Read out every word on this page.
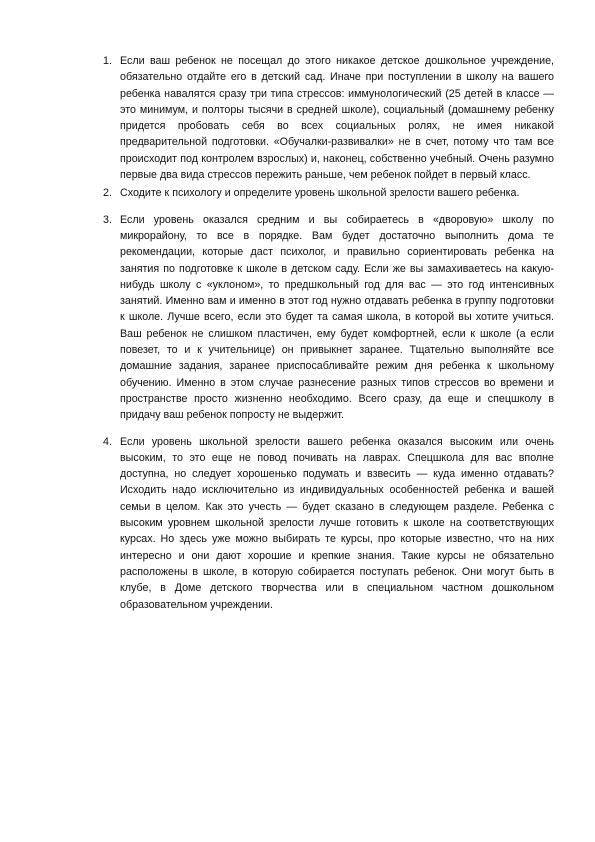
1. Если ваш ребенок не посещал до этого никакое детское дошкольное учреждение, обязательно отдайте его в детский сад. Иначе при поступлении в школу на вашего ребенка навалятся сразу три типа стрессов: иммунологический (25 детей в классе — это минимум, и полторы тысячи в средней школе), социальный (домашнему ребенку придется пробовать себя во всех социальных ролях, не имея никакой предварительной подготовки. «Обучалки-развивалки» не в счет, потому что там все происходит под контролем взрослых) и, наконец, собственно учебный. Очень разумно первые два вида стрессов пережить раньше, чем ребенок пойдет в первый класс.
2. Сходите к психологу и определите уровень школьной зрелости вашего ребенка.
3. Если уровень оказался средним и вы собираетесь в «дворовую» школу по микрорайону, то все в порядке. Вам будет достаточно выполнить дома те рекомендации, которые даст психолог, и правильно сориентировать ребенка на занятия по подготовке к школе в детском саду. Если же вы замахиваетесь на какую-нибудь школу с «уклоном», то предшкольный год для вас — это год интенсивных занятий. Именно вам и именно в этот год нужно отдавать ребенка в группу подготовки к школе. Лучше всего, если это будет та самая школа, в которой вы хотите учиться. Ваш ребенок не слишком пластичен, ему будет комфортней, если к школе (а если повезет, то и к учительнице) он привыкнет заранее. Тщательно выполняйте все домашние задания, заранее приспосабливайте режим дня ребенка к школьному обучению. Именно в этом случае разнесение разных типов стрессов во времени и пространстве просто жизненно необходимо. Всего сразу, да еще и спецшколу в придачу ваш ребенок попросту не выдержит.
4. Если уровень школьной зрелости вашего ребенка оказался высоким или очень высоким, то это еще не повод почивать на лаврах. Спецшкола для вас вполне доступна, но следует хорошенько подумать и взвесить — куда именно отдавать? Исходить надо исключительно из индивидуальных особенностей ребенка и вашей семьи в целом. Как это учесть — будет сказано в следующем разделе. Ребенка с высоким уровнем школьной зрелости лучше готовить к школе на соответствующих курсах. Но здесь уже можно выбирать те курсы, про которые известно, что на них интересно и они дают хорошие и крепкие знания. Такие курсы не обязательно расположены в школе, в которую собирается поступать ребенок. Они могут быть в клубе, в Доме детского творчества или в специальном частном дошкольном образовательном учреждении.
